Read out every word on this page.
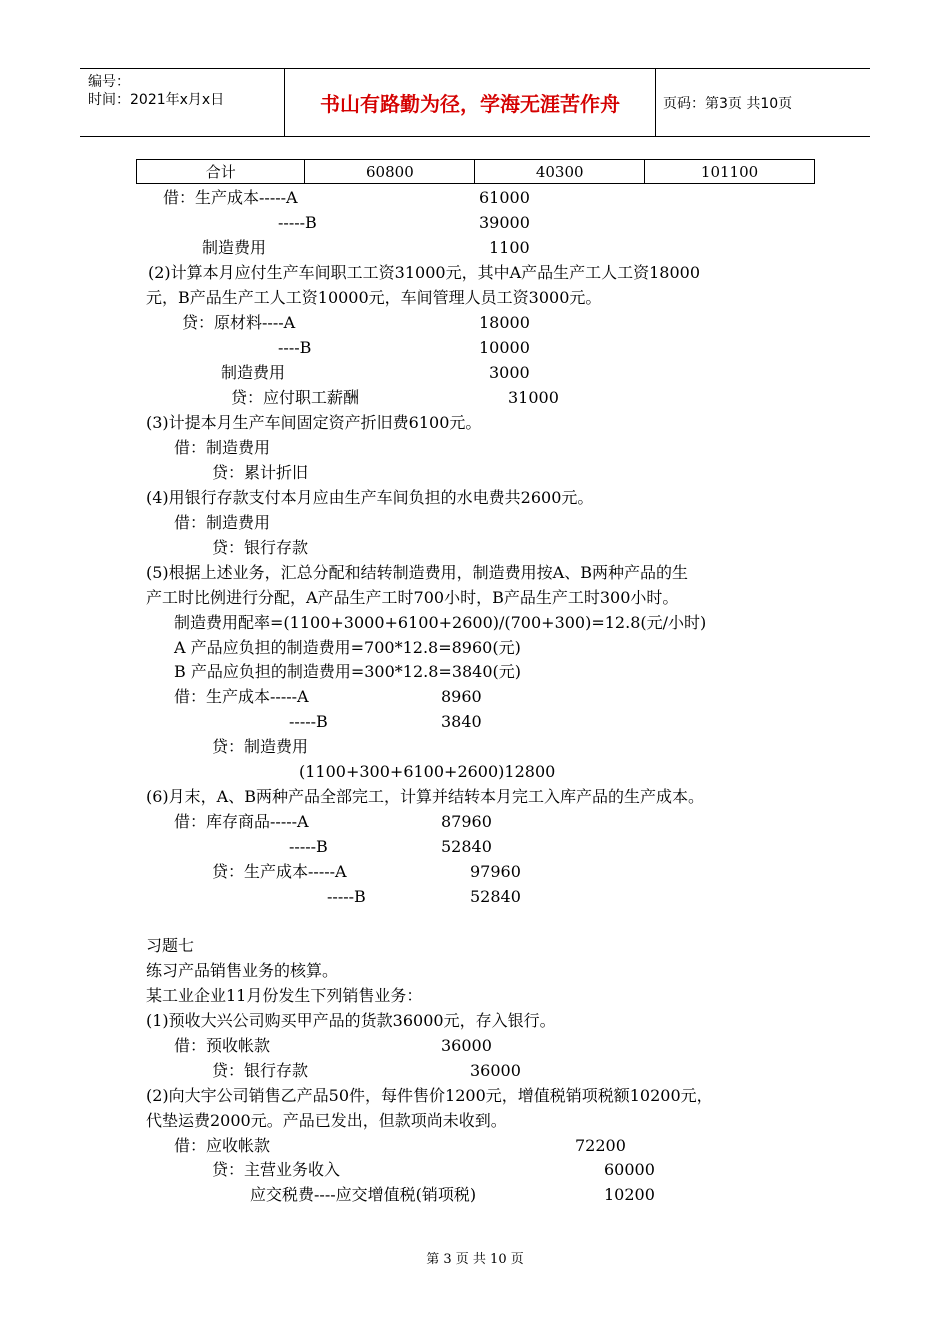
编号：
时间：2021年x月x日	书山有路勤为径，学海无涯苦作舟	页码：第3页 共10页
合计	60800	40300	101100
借：生产成本-----A	61000
-----B	39000
制造费用	1100
(2)计算本月应付生产车间职工工资31000元，其中A产品生产工人工资18000
元，B产品生产工人工资10000元，车间管理人员工资3000元。
贷：原材料----A	18000
----B	10000
制造费用	3000
贷：应付职工薪酬	31000
(3)计提本月生产车间固定资产折旧费6100元。
借：制造费用
贷：累计折旧
(4)用银行存款支付本月应由生产车间负担的水电费共2600元。
借：制造费用
贷：银行存款
(5)根据上述业务，汇总分配和结转制造费用，制造费用按A、B两种产品的生
产工时比例进行分配，A产品生产工时700小时，B产品生产工时300小时。
制造费用配率=(1100+3000+6100+2600)/(700+300)=12.8(元/小时)
A 产品应负担的制造费用=700*12.8=8960(元)
B 产品应负担的制造费用=300*12.8=3840(元)
借：生产成本-----A	8960
-----B	3840
贷：制造费用
(1100+300+6100+2600)12800
(6)月末，A、B两种产品全部完工，计算并结转本月完工入库产品的生产成本。
借：库存商品-----A	87960
-----B	52840
贷：生产成本-----A	97960
-----B	52840
习题七
练习产品销售业务的核算。
某工业企业11月份发生下列销售业务：
(1)预收大兴公司购买甲产品的货款36000元，存入银行。
借：预收帐款	36000
贷：银行存款	36000
(2)向大宇公司销售乙产品50件，每件售价1200元，增值税销项税额10200元，
代垫运费2000元。产品已发出，但款项尚未收到。
借：应收帐款	72200
贷：主营业务收入	60000
应交税费----应交增值税(销项税)	10200
第 3 页 共 10 页
